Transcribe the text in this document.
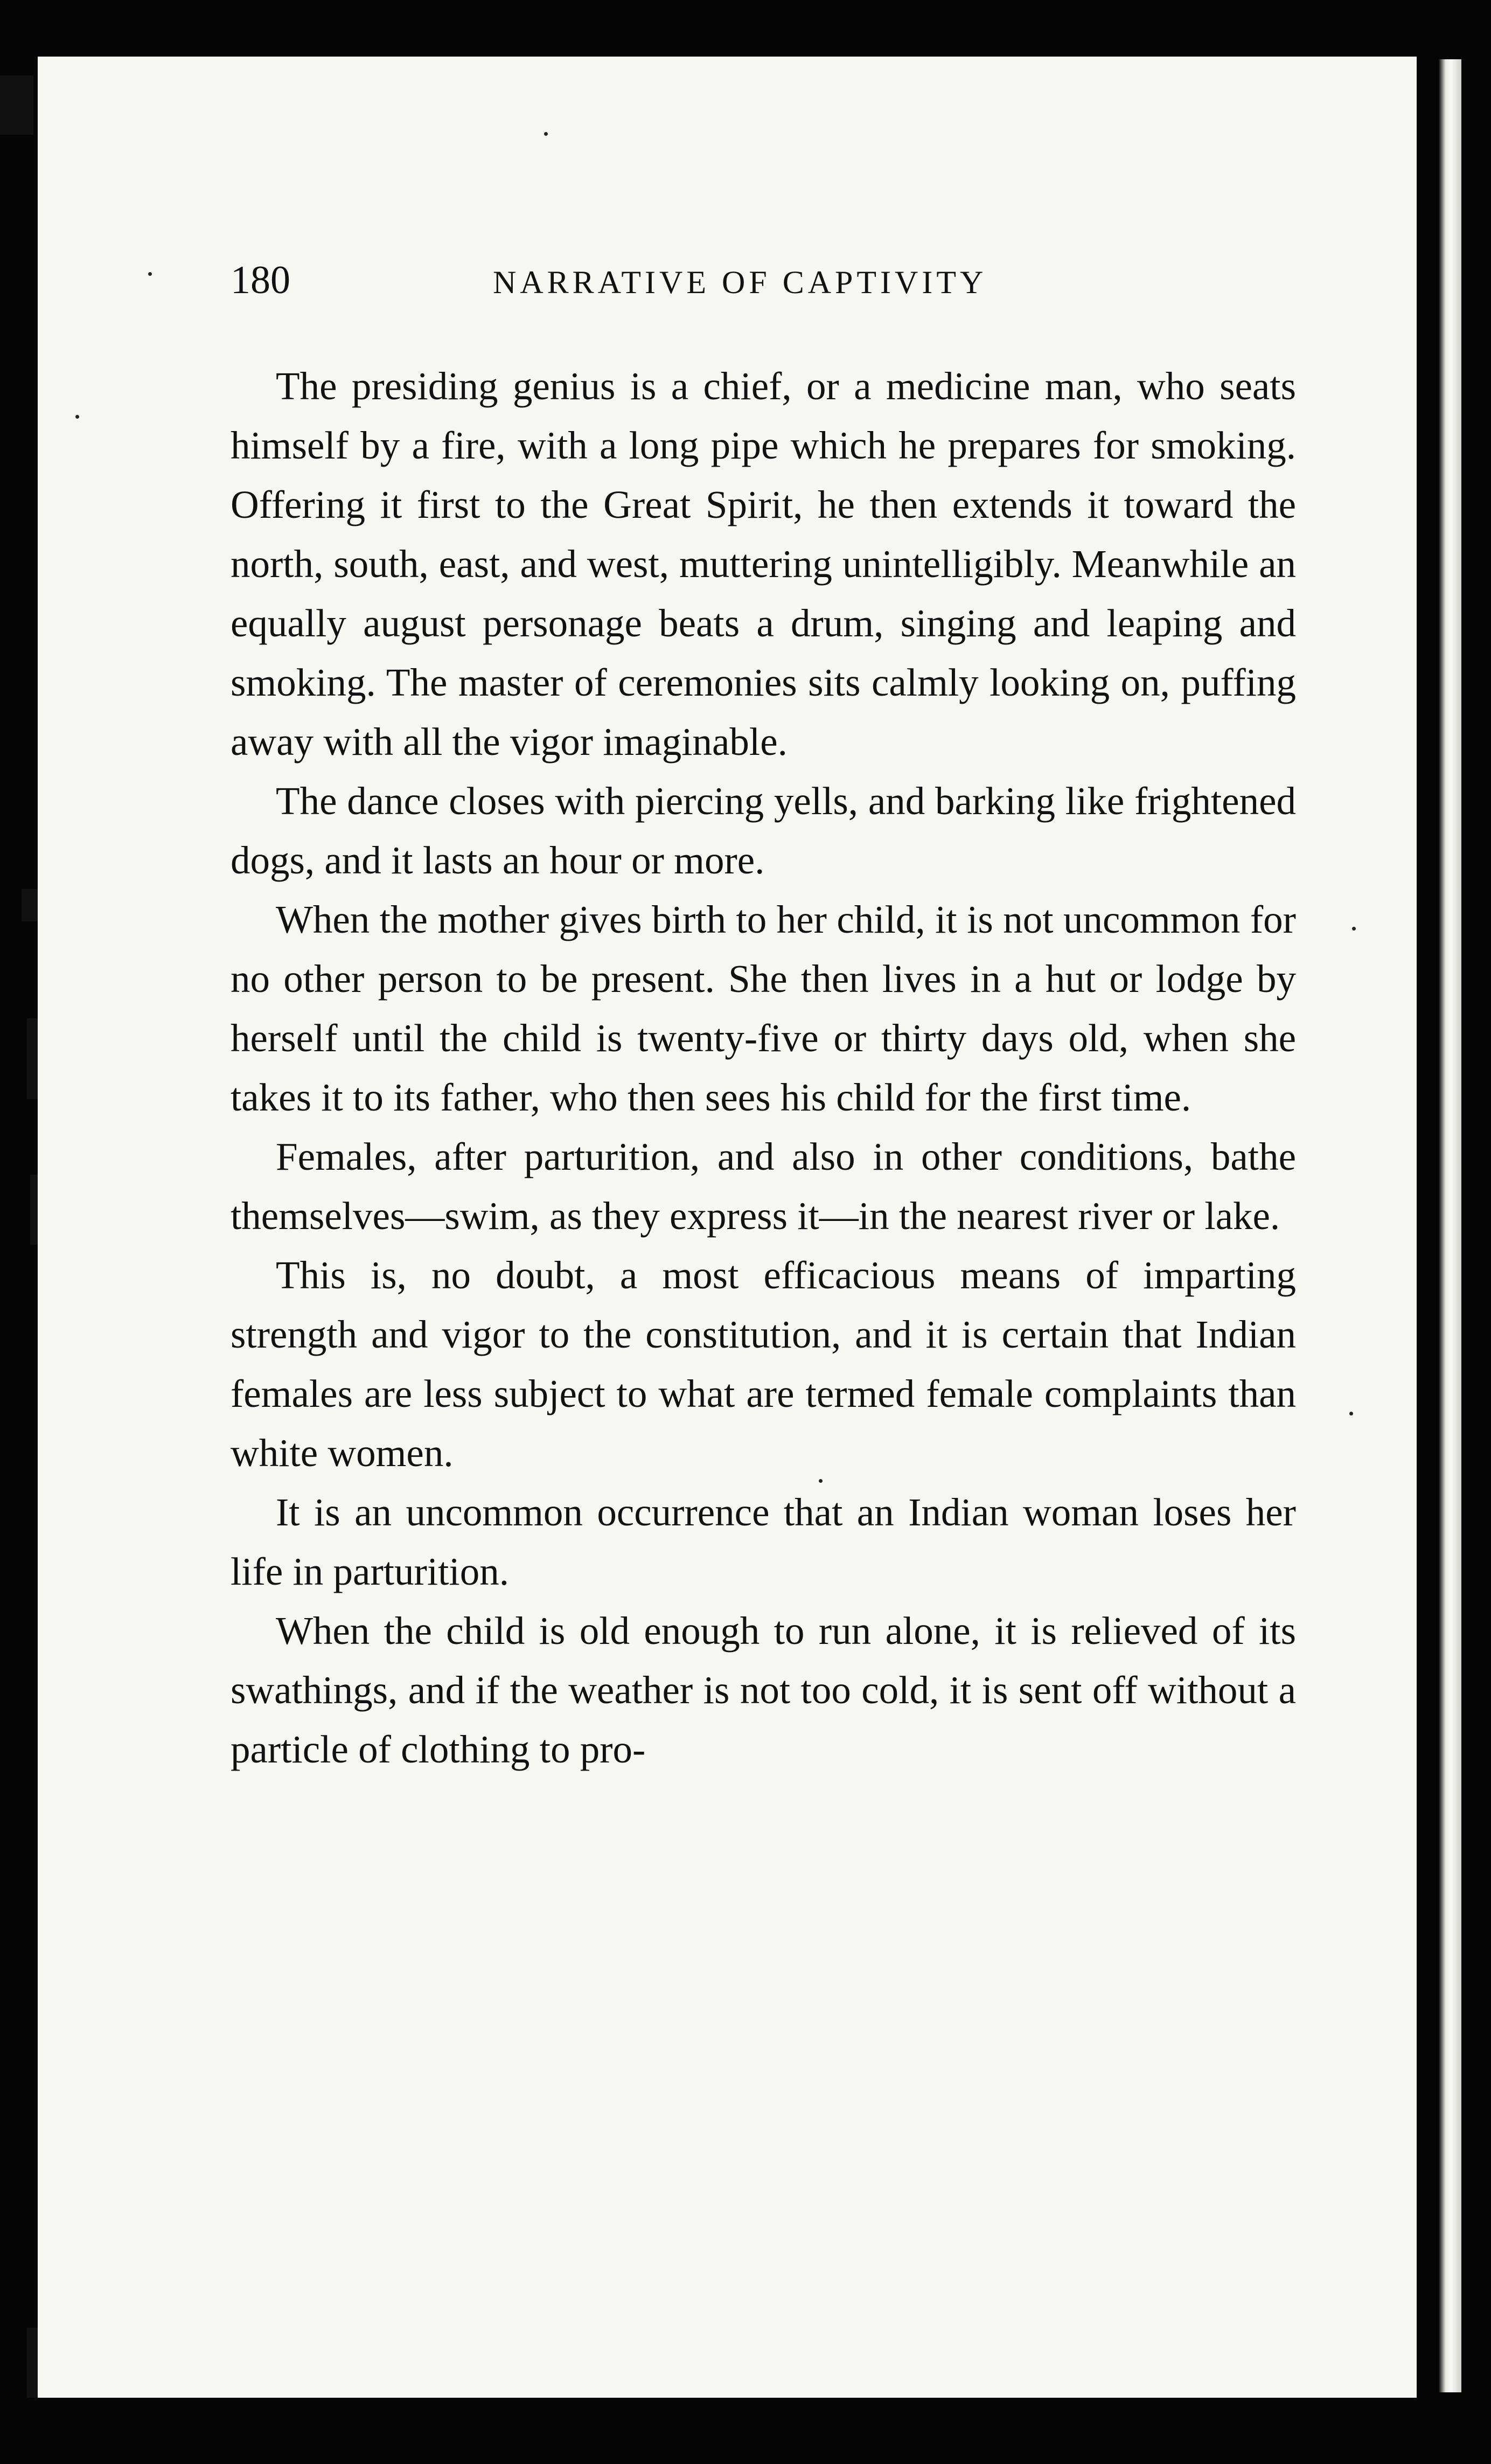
180	NARRATIVE OF CAPTIVITY

The presiding genius is a chief, or a medicine man, who seats himself by a fire, with a long pipe which he prepares for smoking. Offering it first to the Great Spirit, he then extends it toward the north, south, east, and west, muttering unintelligibly. Meanwhile an equally august personage beats a drum, singing and leaping and smoking. The master of ceremonies sits calmly looking on, puffing away with all the vigor imaginable.

The dance closes with piercing yells, and barking like frightened dogs, and it lasts an hour or more.

When the mother gives birth to her child, it is not uncommon for no other person to be present. She then lives in a hut or lodge by herself until the child is twenty-five or thirty days old, when she takes it to its father, who then sees his child for the first time.

Females, after parturition, and also in other conditions, bathe themselves—swim, as they express it—in the nearest river or lake.

This is, no doubt, a most efficacious means of imparting strength and vigor to the constitution, and it is certain that Indian females are less subject to what are termed female complaints than white women.

It is an uncommon occurrence that an Indian woman loses her life in parturition.

When the child is old enough to run alone, it is relieved of its swathings, and if the weather is not too cold, it is sent off without a particle of clothing to pro-
